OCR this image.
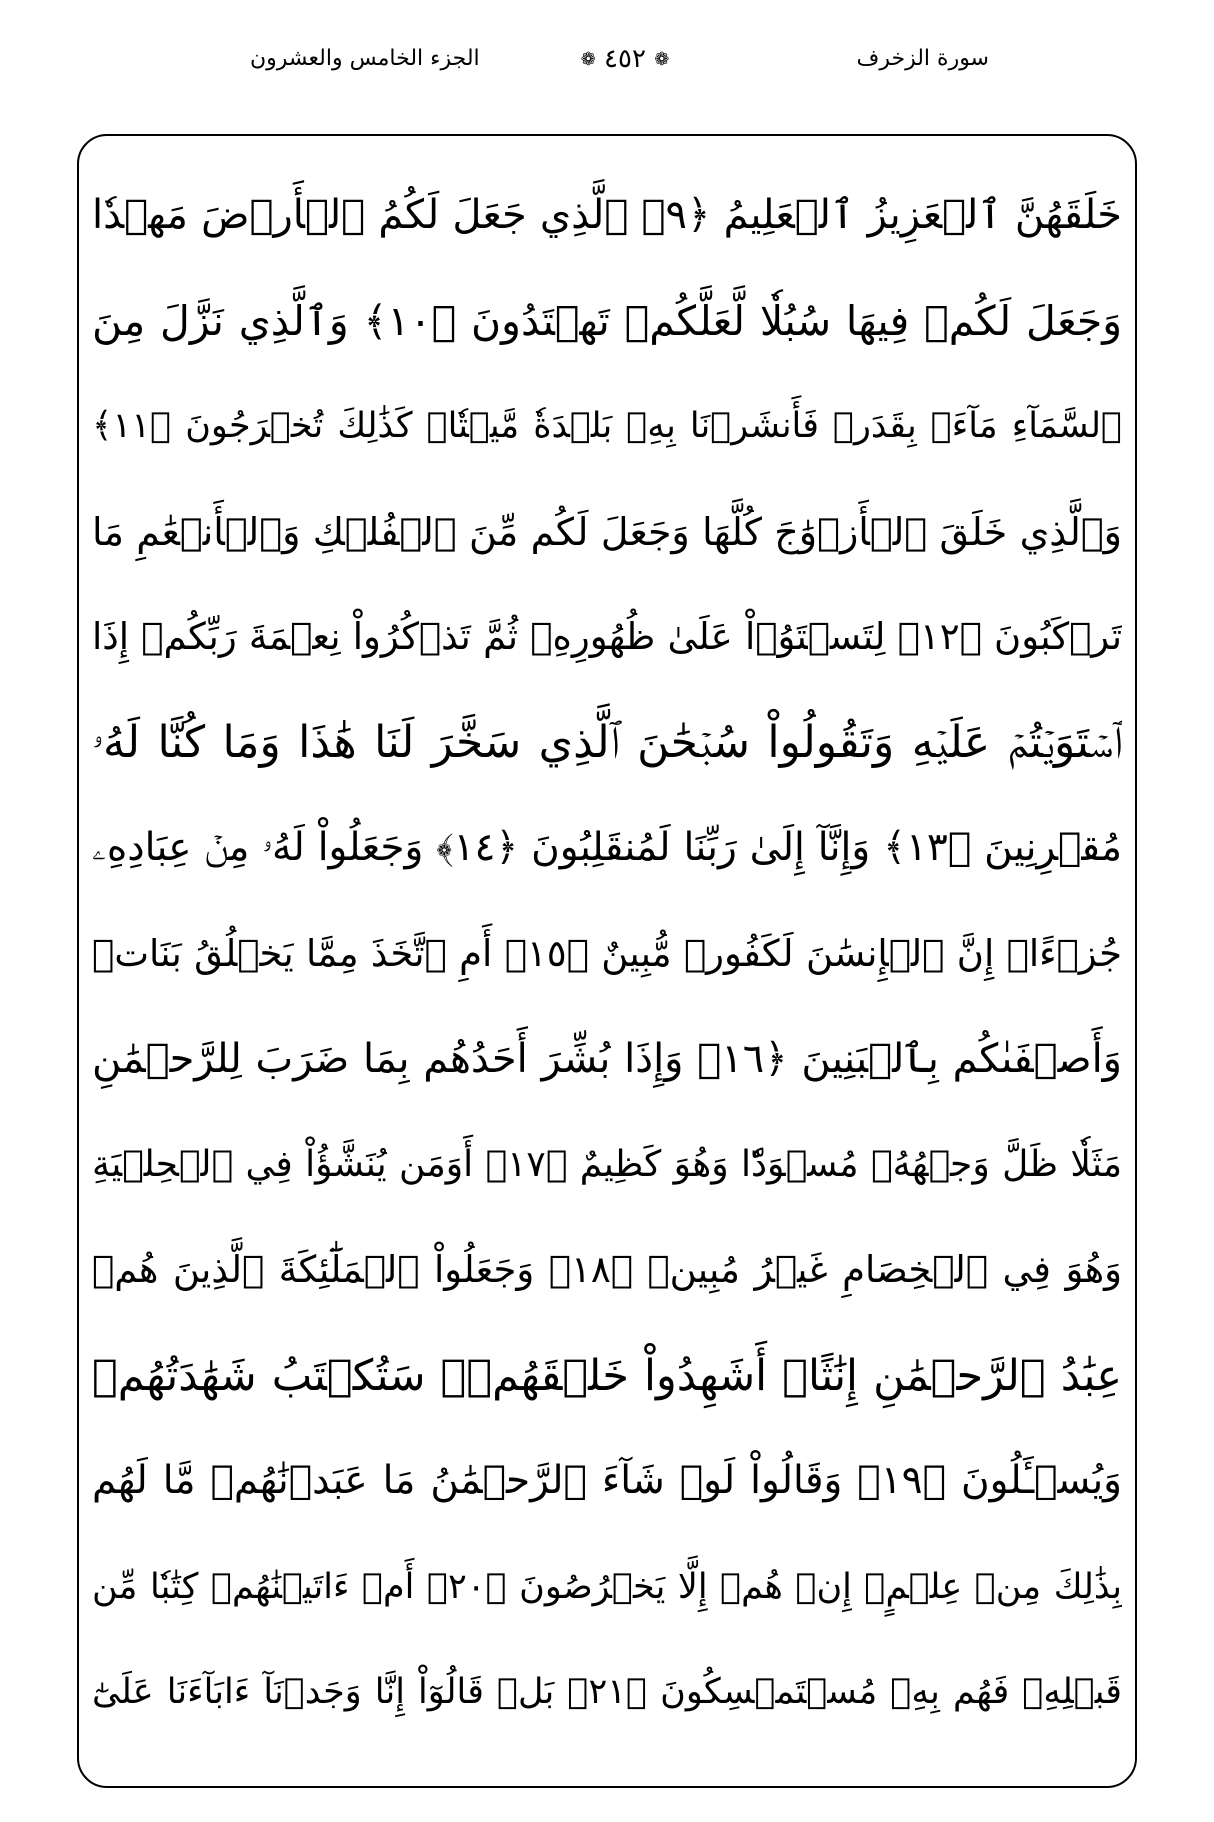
الجزء الخامس والعشرون	❁ ٤٥٢ ❁	سورة الزخرف
خَلَقَهُنَّ ٱلۡعَزِيزُ ٱلۡعَلِيمُ ﴿٩﴾ ٱلَّذِي جَعَلَ لَكُمُ ٱلۡأَرۡضَ مَهۡدٗا
وَجَعَلَ لَكُمۡ فِيهَا سُبُلٗا لَّعَلَّكُمۡ تَهۡتَدُونَ ﴿١٠﴾ وَٱلَّذِي نَزَّلَ مِنَ
ٱلسَّمَآءِ مَآءَۢ بِقَدَرٖ فَأَنشَرۡنَا بِهِۦ بَلۡدَةٗ مَّيۡتٗاۚ كَذَٰلِكَ تُخۡرَجُونَ ﴿١١﴾
وَٱلَّذِي خَلَقَ ٱلۡأَزۡوَٰجَ كُلَّهَا وَجَعَلَ لَكُم مِّنَ ٱلۡفُلۡكِ وَٱلۡأَنۡعَٰمِ مَا
تَرۡكَبُونَ ﴿١٢﴾ لِتَسۡتَوُۥاْ عَلَىٰ ظُهُورِهِۦ ثُمَّ تَذۡكُرُواْ نِعۡمَةَ رَبِّكُمۡ إِذَا
ٱسۡتَوَيۡتُمۡ عَلَيۡهِ وَتَقُولُواْ سُبۡحَٰنَ ٱلَّذِي سَخَّرَ لَنَا هَٰذَا وَمَا كُنَّا لَهُۥ
مُقۡرِنِينَ ﴿١٣﴾ وَإِنَّآ إِلَىٰ رَبِّنَا لَمُنقَلِبُونَ ﴿١٤﴾ وَجَعَلُواْ لَهُۥ مِنۡ عِبَادِهِۦ
جُزۡءًاۚ إِنَّ ٱلۡإِنسَٰنَ لَكَفُورٞ مُّبِينٌ ﴿١٥﴾ أَمِ ٱتَّخَذَ مِمَّا يَخۡلُقُ بَنَاتٖ
وَأَصۡفَىٰكُم بِٱلۡبَنِينَ ﴿١٦﴾ وَإِذَا بُشِّرَ أَحَدُهُم بِمَا ضَرَبَ لِلرَّحۡمَٰنِ
مَثَلٗا ظَلَّ وَجۡهُهُۥ مُسۡوَدّٗا وَهُوَ كَظِيمٌ ﴿١٧﴾ أَوَمَن يُنَشَّؤُاْ فِي ٱلۡحِلۡيَةِ
وَهُوَ فِي ٱلۡخِصَامِ غَيۡرُ مُبِينٖ ﴿١٨﴾ وَجَعَلُواْ ٱلۡمَلَٰٓئِكَةَ ٱلَّذِينَ هُمۡ
عِبَٰدُ ٱلرَّحۡمَٰنِ إِنَٰثًاۚ أَشَهِدُواْ خَلۡقَهُمۡۚ سَتُكۡتَبُ شَهَٰدَتُهُمۡ
وَيُسۡـَٔلُونَ ﴿١٩﴾ وَقَالُواْ لَوۡ شَآءَ ٱلرَّحۡمَٰنُ مَا عَبَدۡنَٰهُمۗ مَّا لَهُم
بِذَٰلِكَ مِنۡ عِلۡمٍۖ إِنۡ هُمۡ إِلَّا يَخۡرُصُونَ ﴿٢٠﴾ أَمۡ ءَاتَيۡنَٰهُمۡ كِتَٰبٗا مِّن
قَبۡلِهِۦ فَهُم بِهِۦ مُسۡتَمۡسِكُونَ ﴿٢١﴾ بَلۡ قَالُوٓاْ إِنَّا وَجَدۡنَآ ءَابَآءَنَا عَلَىٰٓ
